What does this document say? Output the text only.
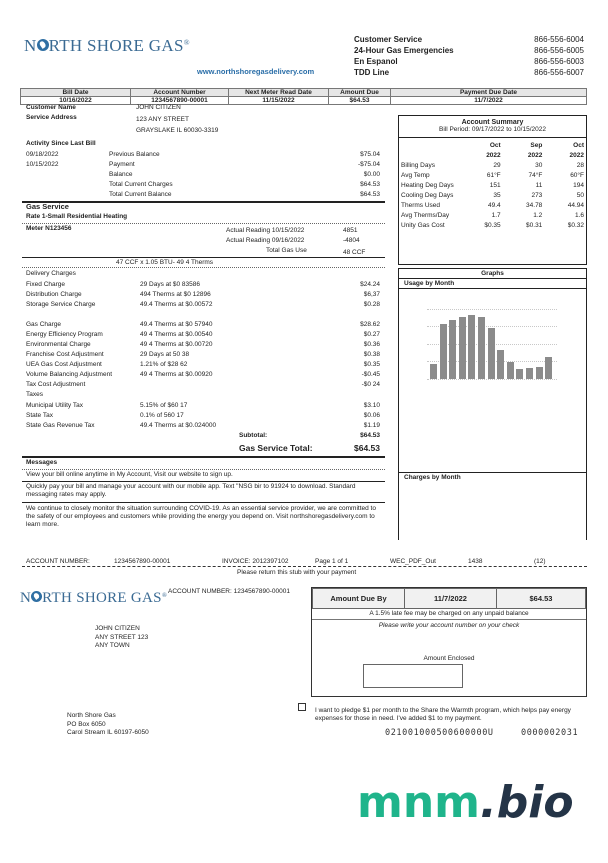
N RTH SHORE GAS®
www.northshoregasdelivery.com
Customer Service	866-556-6004
24-Hour Gas Emergencies	866-556-6005
En Espanol	866-556-6003
TDD Line	866-556-6007
Bill Date	Account Number	Next Meter Read Date	Amount Due	Payment Due Date
10/16/2022	1234567890-00001	11/15/2022	$64.53	11/7/2022
Customer Name	JOHN CITIZEN
Service Address	123 ANY STREET
GRAYSLAKE IL 60030-3319
Activity Since Last Bill
09/18/2022	Previous Balance	$75.04
10/15/2022	Payment	-$75.04
Balance	$0.00
Total Current Charges	$64.53
Total Current Balance	$64.53
Gas Service
Rate 1-Small Residential Heating
Meter N123456	Actual Reading 10/15/2022	4851
Actual Reading 09/16/2022	-4804
Total Gas Use	48 CCF
47 CCF x 1.05 BTU- 49 4 Therms
Delivery Charges
Fixed Charge	29 Days at $0 83586	$24.24
Distribution Charge	494 Therms at $0 12896	$6,37
Storage Service Charge	49.4 Therms at $0.00572	$0.28
Gas Charge	49.4 Therms at $0 57940	$28.62
Energy Efficiency Program	49 4 Therms at $0.00540	$0.27
Environmental Charge	49 4 Therms at $0.00720	$0.36
Franchise Cost Adjustment	29 Days at 50 38	$0.38
UEA Gas Cost Adjustment	1.21% of $28 62	$0.35
Volume Balancing Adjustment	49 4 Therms at $0.00920	-$0.45
Tax Cost Adjustment	-$0 24
Taxes
Municipal Utility Tax	5.15% of $60 17	$3.10
State Tax	0.1% of 560 17	$0.06
State Gas Revenue Tax	49.4 Therms at $0.024000	$1.19
Subtotal:	$64.53
Gas Service Total:	$64.53
Messages
View your bill online anytime in My Account, Visit our website to sign up.
Quickly pay your bill and manage your account with our mobile app. Text "NSG bir to 91924 to download. Standard messaging rates may apply.
We continue to closely monitor the situation surrounding COVID-19. As an essential service provider, we are committed to the safety of our employees and customers while providing the energy you depend on. Visit northshoregasdelivery.com to learn more.
Account Summary
Bill Period: 09/17/2022 to 10/15/2022
	Oct	Sep	Oct
	2022	2022	2022
Billing Days	29	30	28
Avg Temp	61°F	74°F	60°F
Heating Deg Days	151	11	194
Cooling Deg Days	35	273	50
Therms Used	49.4	34.78	44.94
Avg Therms/Day	1.7	1.2	1.6
Unity Gas Cost	$0.35	$0.31	$0.32
Graphs
Usage by Month
Charges by Month
ACCOUNT NUMBER:	1234567890-00001	INVOICE: 2012397102	Page 1 of 1	WEC_PDF_Out	1438	(12)
Please return this stub with your payment
N RTH SHORE GAS®
ACCOUNT NUMBER: 1234567890-00001
Amount Due By	11/7/2022	$64.53
A 1.5% late fee may be charged on any unpaid balance
Please write your account number on your check
Amount Enclosed
JOHN CITIZEN
ANY STREET 123
ANY TOWN
North Shore Gas
PO Box 6050
Carol Stream IL 60197-6050
I want to pledge $1 per month to the Share the Warmth program, which helps pay energy expenses for those in need. I've added $1 to my payment.
021001000500600000U	0000002031
mnm.bio
